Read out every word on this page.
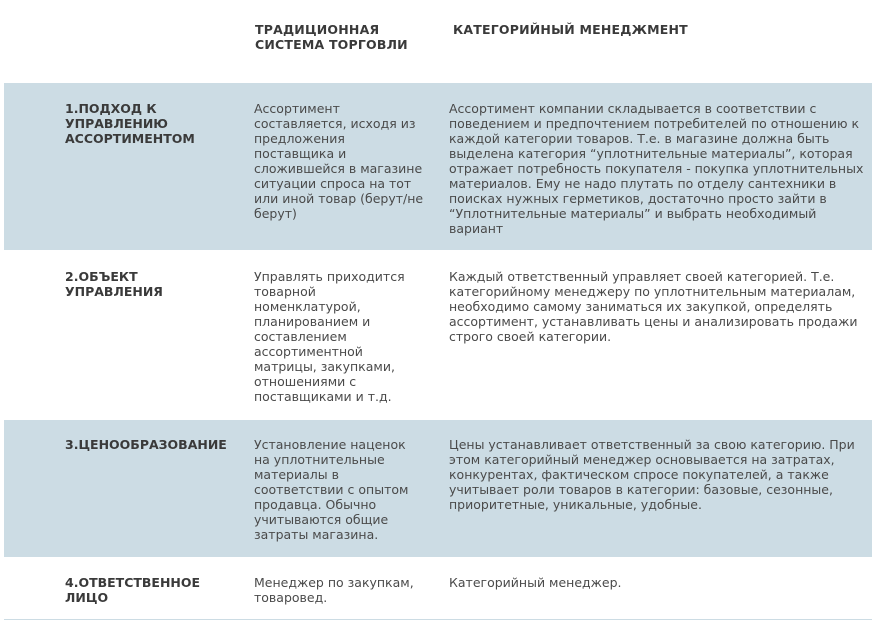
ТРАДИЦИОННАЯ СИСТЕМА ТОРГОВЛИ
КАТЕГОРИЙНЫЙ МЕНЕДЖМЕНТ
1.ПОДХОД К УПРАВЛЕНИЮ АССОРТИМЕНТОМ
Ассортимент составляется, исходя из предложения поставщика и сложившейся в магазине ситуации спроса на тот или иной товар (берут/не берут)
Ассортимент компании складывается в соответствии с поведением и предпочтением потребителей по отношению к каждой категории товаров. Т.е. в магазине должна быть выделена категория “уплотнительные материалы”, которая отражает потребность покупателя - покупка уплотнительных материалов. Ему не надо плутать по отделу сантехники в поисках нужных герметиков, достаточно просто зайти в “Уплотнительные материалы” и выбрать необходимый вариант
2.ОБЪЕКТ УПРАВЛЕНИЯ
Управлять приходится товарной номенклатурой, планированием и составлением ассортиментной матрицы, закупками, отношениями с поставщиками и т.д.
Каждый ответственный управляет своей категорией. Т.е. категорийному менеджеру по уплотнительным материалам, необходимо самому заниматься их закупкой, определять ассортимент, устанавливать цены и анализировать продажи строго своей категории.
3.ЦЕНООБРАЗОВАНИЕ	Установление наценок на уплотнительные материалы в соответствии с опытом продавца. Обычно учитываются общие затраты магазина.
Цены устанавливает ответственный за свою категорию. При этом категорийный менеджер основывается на затратах, конкурентах, фактическом спросе покупателей, а также учитывает роли товаров в категории: базовые, сезонные, приоритетные, уникальные, удобные.
4.ОТВЕТСТВЕННОЕ ЛИЦО
Менеджер по закупкам, товаровед.
Категорийный менеджер.
